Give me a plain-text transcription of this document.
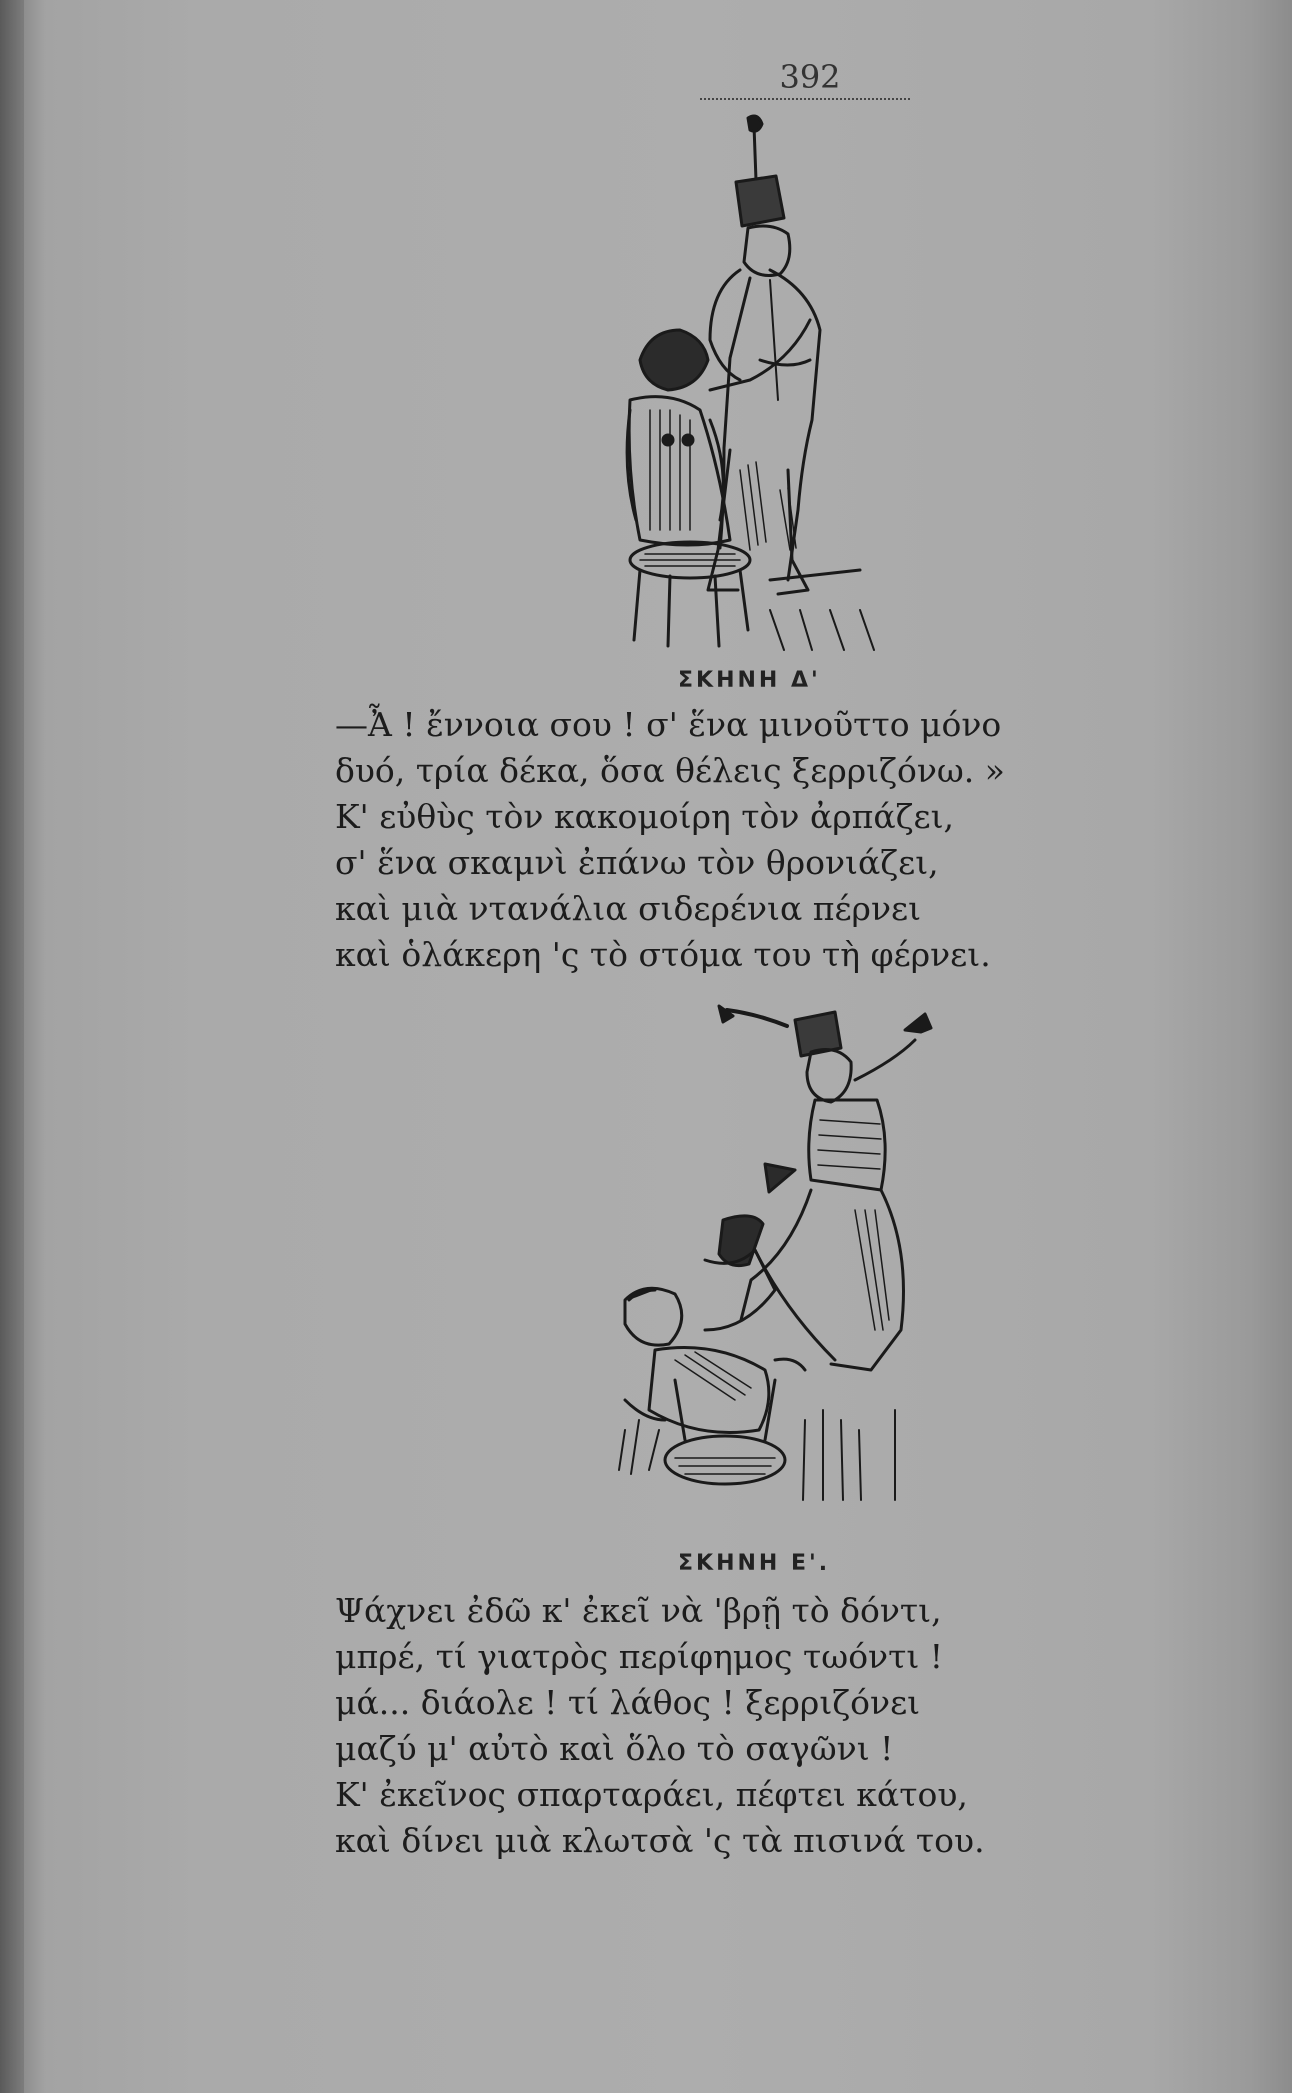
392
ΣΚΗΝΗ Δ'
—Ἆ ! ἔννοια σου ! σ' ἕνα μινοῦττο μόνο
δυό, τρία δέκα, ὅσα θέλεις ξερριζόνω. »
Κ' εὐθὺς τὸν κακομοίρη τὸν ἀρπάζει,
σ' ἕνα σκαμνὶ ἐπάνω τὸν θρονιάζει,
καὶ μιὰ ντανάλια σιδερένια πέρνει
καὶ ὁλάκερη 'ς τὸ στόμα του τὴ φέρνει.
ΣΚΗΝΗ Ε'.
Ψάχνει ἐδῶ κ' ἐκεῖ νὰ 'βρῇ τὸ δόντι,
μπρέ, τί γιατρὸς περίφημος τωόντι !
μά... διάολε ! τί λάθος ! ξερριζόνει
μαζύ μ' αὐτὸ καὶ ὅλο τὸ σαγῶνι !
Κ' ἐκεῖνος σπαρταράει, πέφτει κάτου,
καὶ δίνει μιὰ κλωτσὰ 'ς τὰ πισινά του.
